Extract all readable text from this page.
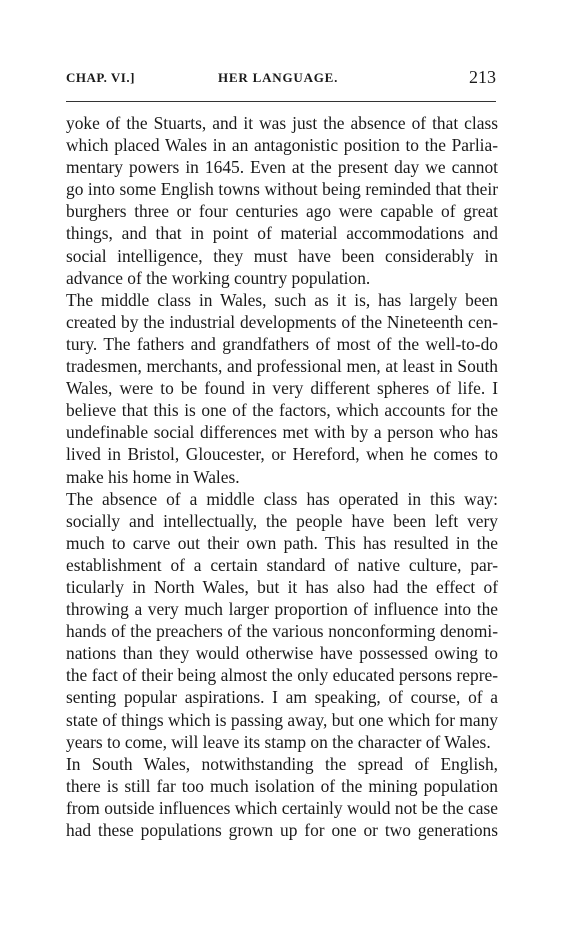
CHAP. VI.]	HER LANGUAGE.	213
yoke of the Stuarts, and it was just the absence of that class
which placed Wales in an antagonistic position to the Parlia-
mentary powers in 1645. Even at the present day we cannot
go into some English towns without being reminded that their
burghers three or four centuries ago were capable of great
things, and that in point of material accommodations and
social intelligence, they must have been considerably in
advance of the working country population.
The middle class in Wales, such as it is, has largely been
created by the industrial developments of the Nineteenth cen-
tury. The fathers and grandfathers of most of the well-to-do
tradesmen, merchants, and professional men, at least in South
Wales, were to be found in very different spheres of life. I
believe that this is one of the factors, which accounts for the
undefinable social differences met with by a person who has
lived in Bristol, Gloucester, or Hereford, when he comes to
make his home in Wales.
The absence of a middle class has operated in this way:
socially and intellectually, the people have been left very
much to carve out their own path. This has resulted in the
establishment of a certain standard of native culture, par-
ticularly in North Wales, but it has also had the effect of
throwing a very much larger proportion of influence into the
hands of the preachers of the various nonconforming denomi-
nations than they would otherwise have possessed owing to
the fact of their being almost the only educated persons repre-
senting popular aspirations. I am speaking, of course, of a
state of things which is passing away, but one which for many
years to come, will leave its stamp on the character of Wales.
In South Wales, notwithstanding the spread of English,
there is still far too much isolation of the mining population
from outside influences which certainly would not be the case
had these populations grown up for one or two generations
